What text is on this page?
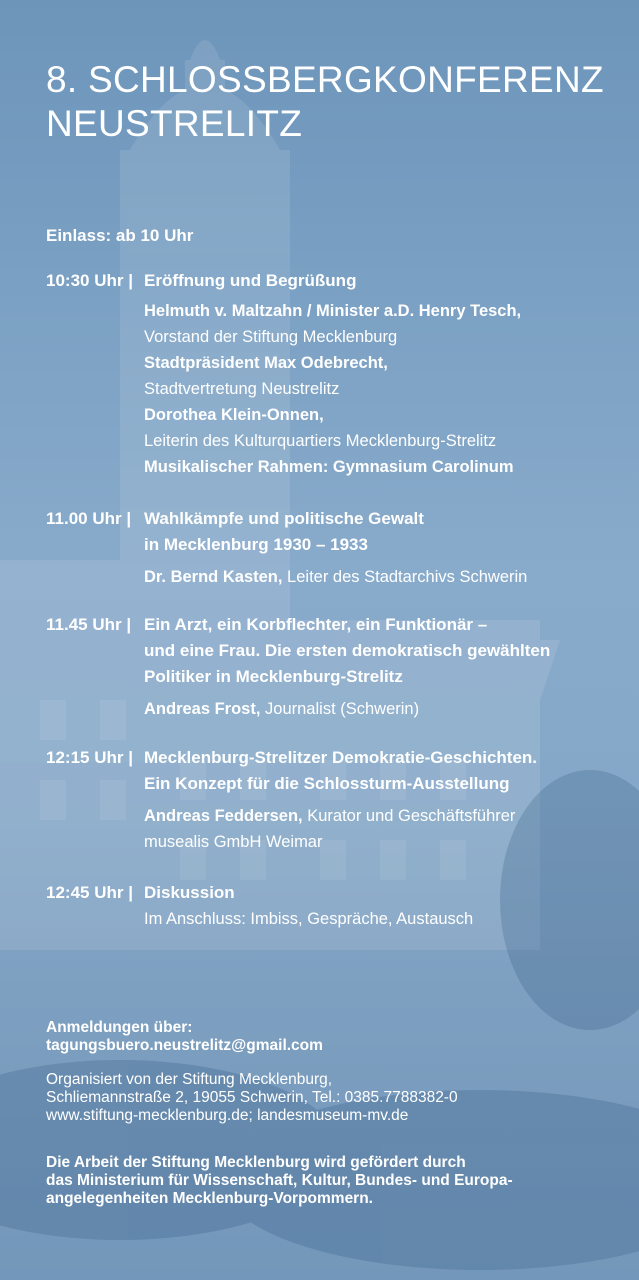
8. SCHLOSSBERGKONFERENZ
NEUSTRELITZ
Einlass: ab 10 Uhr
10:30 Uhr | Eröffnung und Begrüßung
Helmuth v. Maltzahn / Minister a.D. Henry Tesch,
Vorstand der Stiftung Mecklenburg
Stadtpräsident Max Odebrecht,
Stadtvertretung Neustrelitz
Dorothea Klein-Onnen,
Leiterin des Kulturquartiers Mecklenburg-Strelitz
Musikalischer Rahmen: Gymnasium Carolinum
11.00 Uhr | Wahlkämpfe und politische Gewalt
in Mecklenburg 1930 – 1933
Dr. Bernd Kasten, Leiter des Stadtarchivs Schwerin
11.45 Uhr | Ein Arzt, ein Korbflechter, ein Funktionär –
und eine Frau. Die ersten demokratisch gewählten
Politiker in Mecklenburg-Strelitz
Andreas Frost, Journalist (Schwerin)
12:15 Uhr | Mecklenburg-Strelitzer Demokratie-Geschichten.
Ein Konzept für die Schlossturm-Ausstellung
Andreas Feddersen, Kurator und Geschäftsführer
musealis GmbH Weimar
12:45 Uhr | Diskussion
Im Anschluss: Imbiss, Gespräche, Austausch
Anmeldungen über:
tagungsbuero.neustrelitz@gmail.com
Organisiert von der Stiftung Mecklenburg,
Schliemannstraße 2, 19055 Schwerin, Tel.: 0385.7788382-0
www.stiftung-mecklenburg.de; landesmuseum-mv.de
Die Arbeit der Stiftung Mecklenburg wird gefördert durch
das Ministerium für Wissenschaft, Kultur, Bundes- und Europa-
angelegenheiten Mecklenburg-Vorpommern.
